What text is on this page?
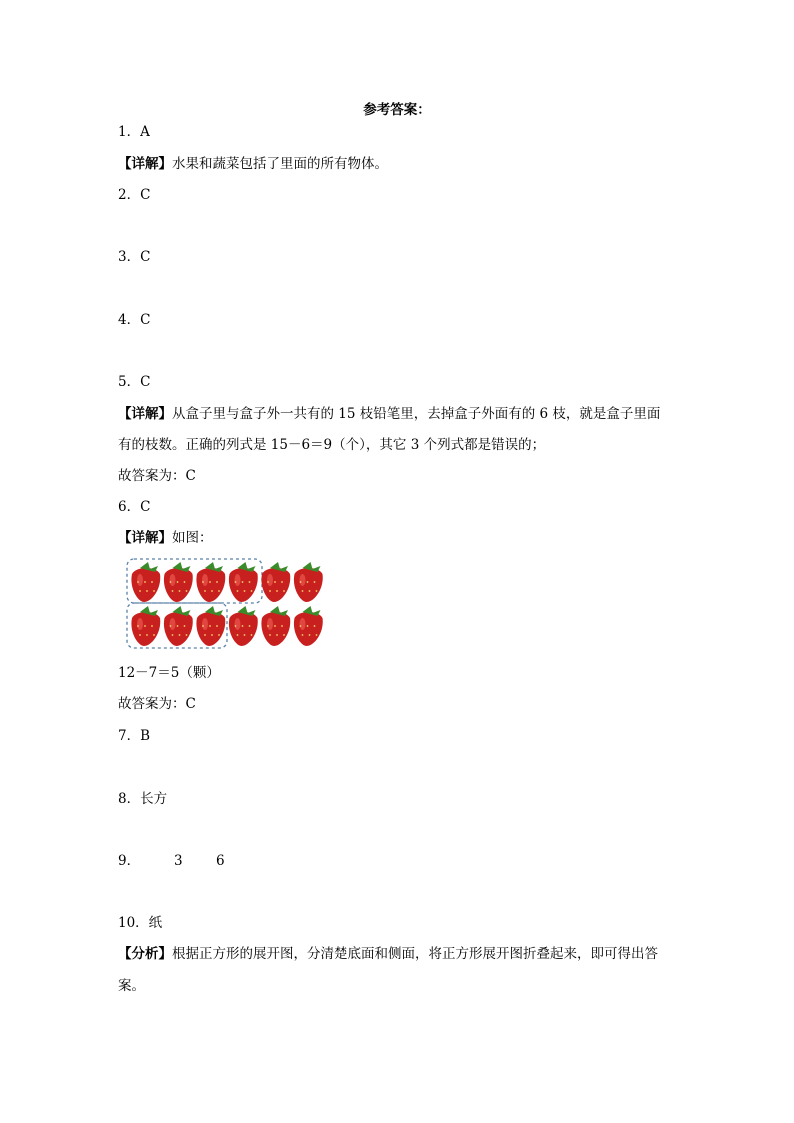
参考答案：
1．A
【详解】水果和蔬菜包括了里面的所有物体。
2．C
3．C
4．C
5．C
【详解】从盒子里与盒子外一共有的 15 枝铅笔里，去掉盒子外面有的 6 枝，就是盒子里面
有的枝数。正确的列式是 15－6＝9（个），其它 3 个列式都是错误的；
故答案为：C
6．C
【详解】如图：
12－7＝5（颗）
故答案为：C
7．B
8．长方
9．	3 6
10．纸
【分析】根据正方形的展开图，分清楚底面和侧面，将正方形展开图折叠起来，即可得出答
案。
